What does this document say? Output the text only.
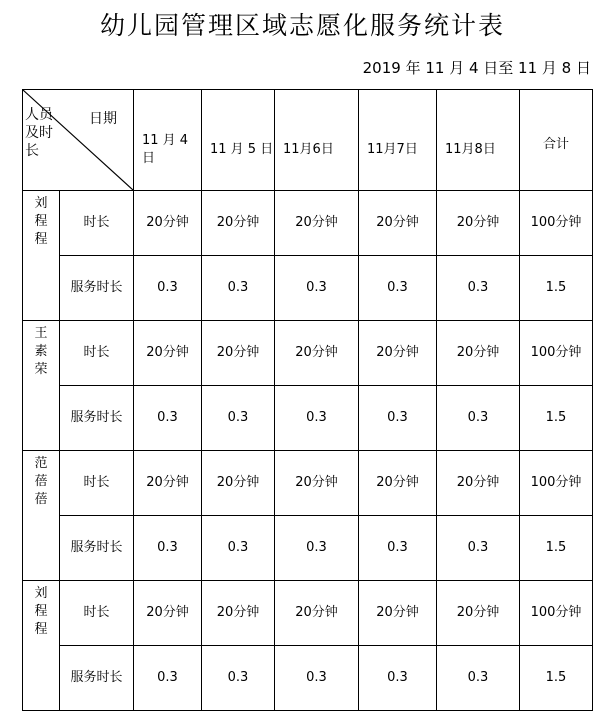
幼儿园管理区域志愿化服务统计表
2019 年 11 月 4 日至 11 月 8 日
日期
人员及时长		11 月 4 日	11 月 5 日	11月6日	11月7日	11月8日	合计

刘
程
程	时长	20分钟	20分钟	20分钟	20分钟	20分钟	100分钟
	服务时长	0.3	0.3	0.3	0.3	0.3	1.5

王
素
荣	时长	20分钟	20分钟	20分钟	20分钟	20分钟	100分钟
	服务时长	0.3	0.3	0.3	0.3	0.3	1.5

范
蓓
蓓	时长	20分钟	20分钟	20分钟	20分钟	20分钟	100分钟
	服务时长	0.3	0.3	0.3	0.3	0.3	1.5

刘
程
程	时长	20分钟	20分钟	20分钟	20分钟	20分钟	100分钟
	服务时长	0.3	0.3	0.3	0.3	0.3	1.5
